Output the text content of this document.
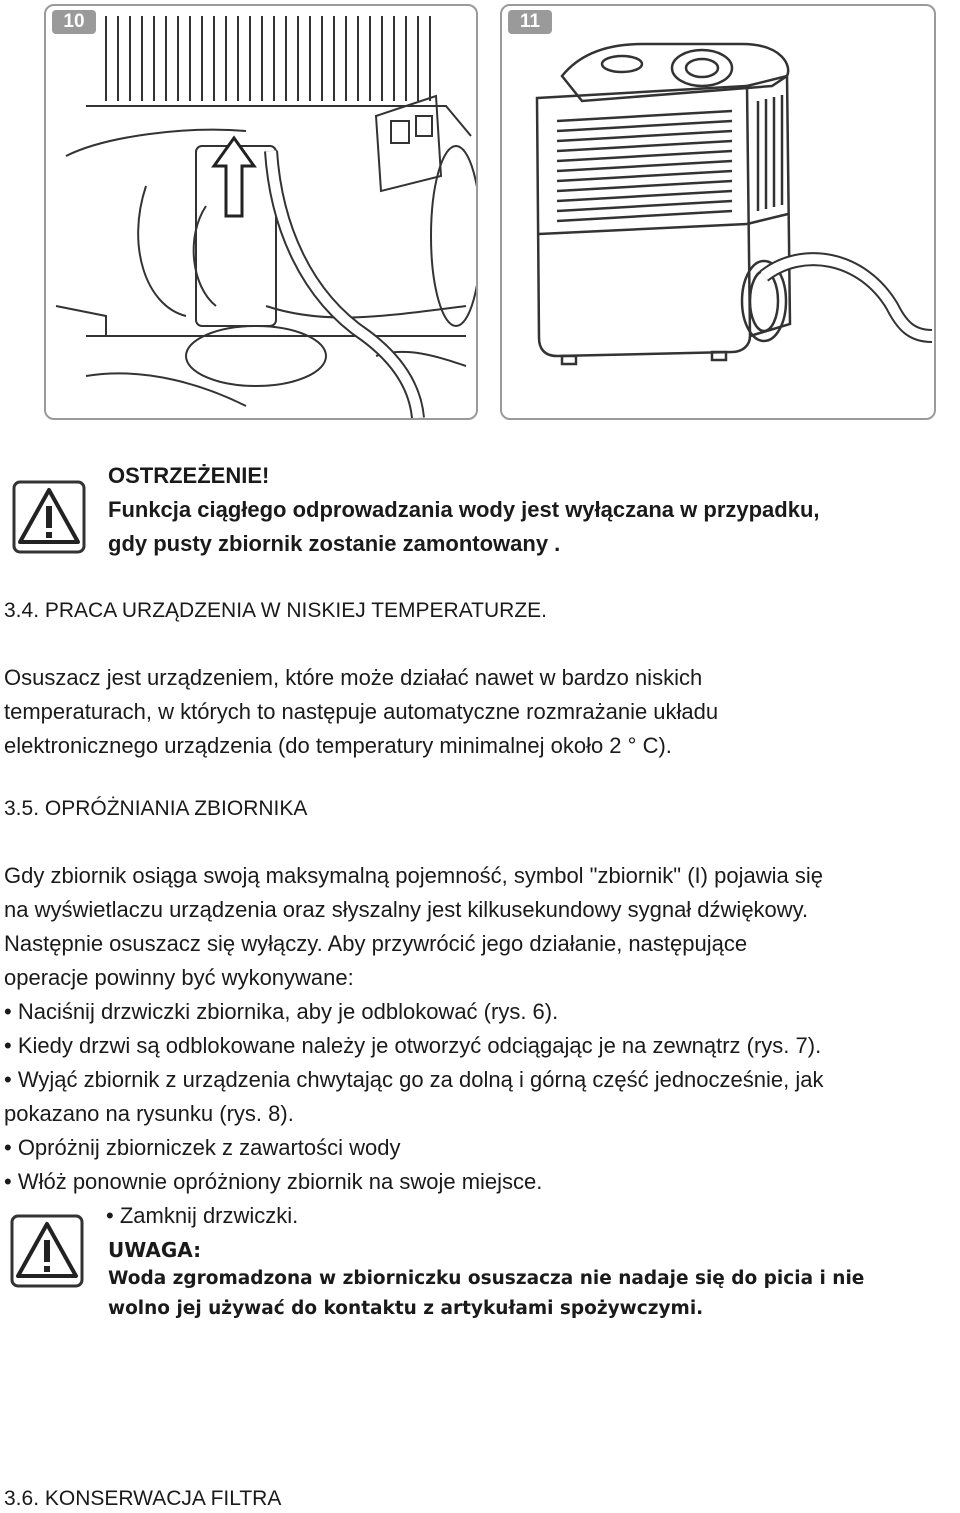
10	11
OSTRZEŻENIE!
Funkcja ciągłego odprowadzania wody jest wyłączana w przypadku,
gdy pusty zbiornik zostanie zamontowany .
3.4. PRACA URZĄDZENIA W NISKIEJ TEMPERATURZE.
Osuszacz jest urządzeniem, które może działać nawet w bardzo niskich
temperaturach, w których to następuje automatyczne rozmrażanie układu
elektronicznego urządzenia (do temperatury minimalnej około 2 ° C).
3.5. OPRÓŻNIANIA ZBIORNIKA
Gdy zbiornik osiąga swoją maksymalną pojemność, symbol "zbiornik" (I) pojawia się
na wyświetlaczu urządzenia oraz słyszalny jest kilkusekundowy sygnał dźwiękowy.
Następnie osuszacz się wyłączy. Aby przywrócić jego działanie, następujące
operacje powinny być wykonywane:
• Naciśnij drzwiczki zbiornika, aby je odblokować (rys. 6).
• Kiedy drzwi są odblokowane należy je otworzyć odciągając je na zewnątrz (rys. 7).
• Wyjąć zbiornik z urządzenia chwytając go za dolną i górną część jednocześnie, jak
pokazano na rysunku (rys. 8).
• Opróżnij zbiorniczek z zawartości wody
• Włóż ponownie opróżniony zbiornik na swoje miejsce.
• Zamknij drzwiczki.
UWAGA:
Woda zgromadzona w zbiorniczku osuszacza nie nadaje się do picia i nie
wolno jej używać do kontaktu z artykułami spożywczymi.
3.6. KONSERWACJA FILTRA
